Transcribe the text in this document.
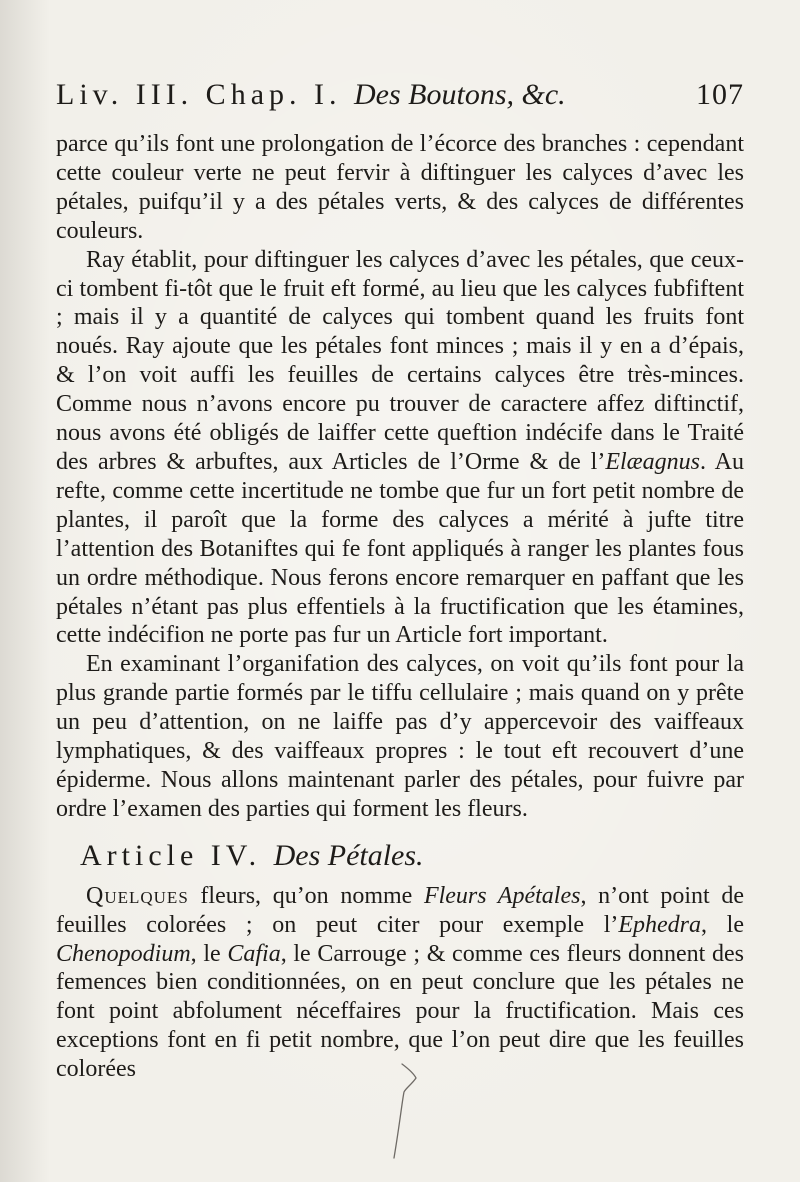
Liv. III. Chap. I. Des Boutons, &c.	107

parce qu’ils font une prolongation de l’écorce des branches : cependant cette couleur verte ne peut fervir à diftinguer les calyces d’avec les pétales, puifqu’il y a des pétales verts, & des calyces de différentes couleurs.

Ray établit, pour diftinguer les calyces d’avec les pétales, que ceux-ci tombent fi-tôt que le fruit eft formé, au lieu que les calyces fubfiftent ; mais il y a quantité de calyces qui tombent quand les fruits font noués. Ray ajoute que les pétales font minces ; mais il y en a d’épais, & l’on voit auffi les feuilles de certains calyces être très-minces. Comme nous n’avons encore pu trouver de caractere affez diftinctif, nous avons été obligés de laiffer cette queftion indécife dans le Traité des arbres & arbuftes, aux Articles de l’Orme & de l’Elæagnus. Au refte, comme cette incertitude ne tombe que fur un fort petit nombre de plantes, il paroît que la forme des calyces a mérité à jufte titre l’attention des Botaniftes qui fe font appliqués à ranger les plantes fous un ordre méthodique. Nous ferons encore remarquer en paffant que les pétales n’étant pas plus effentiels à la fructification que les étamines, cette indécifion ne porte pas fur un Article fort important.

En examinant l’organifation des calyces, on voit qu’ils font pour la plus grande partie formés par le tiffu cellulaire ; mais quand on y prête un peu d’attention, on ne laiffe pas d’y appercevoir des vaiffeaux lymphatiques, & des vaiffeaux propres : le tout eft recouvert d’une épiderme. Nous allons maintenant parler des pétales, pour fuivre par ordre l’examen des parties qui forment les fleurs.

Article IV. Des Pétales.

Quelques fleurs, qu’on nomme Fleurs Apétales, n’ont point de feuilles colorées ; on peut citer pour exemple l’Ephedra, le Chenopodium, le Cafia, le Carrouge ; & comme ces fleurs donnent des femences bien conditionnées, on en peut conclure que les pétales ne font point abfolument néceffaires pour la fructification. Mais ces exceptions font en fi petit nombre, que l’on peut dire que les feuilles colorées
